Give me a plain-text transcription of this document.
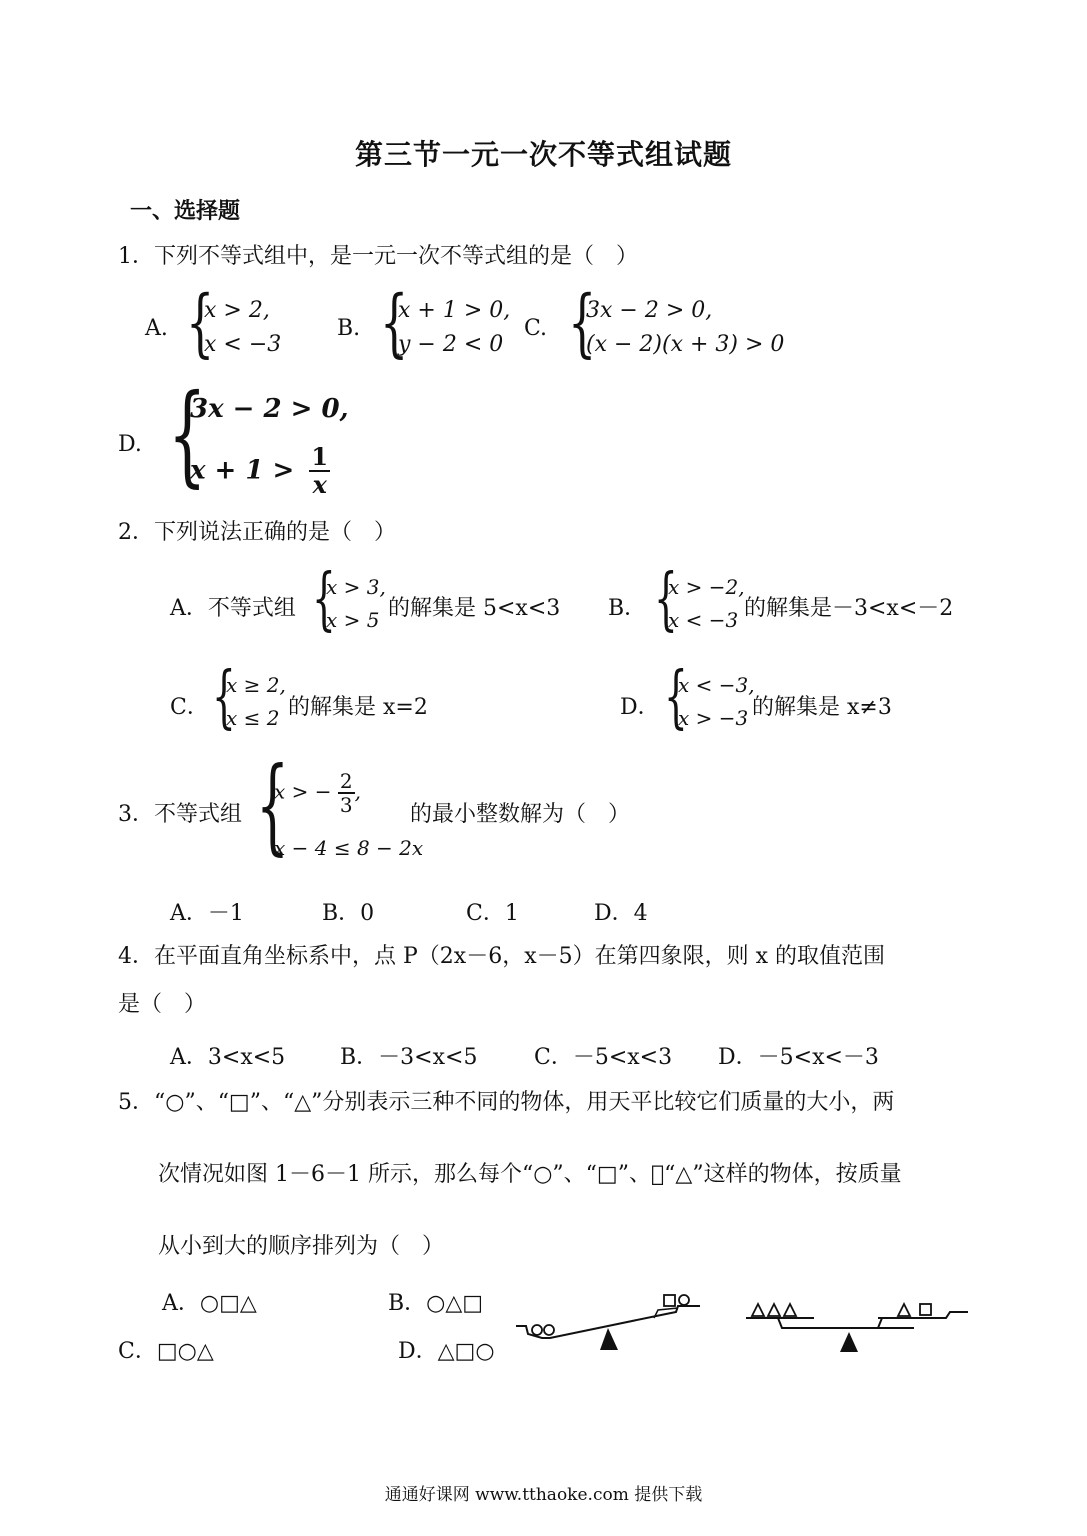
第三节一元一次不等式组试题
一、选择题
1．下列不等式组中，是一元一次不等式组的是（　）
A. {
x > 2,
x < −3
B. {
x + 1 > 0,
y − 2 < 0
C. {
3x − 2 > 0,
(x − 2)(x + 3) > 0
D. {
3x − 2 > 0,
$x + 1 > \frac{1}{x}$
2．下列说法正确的是（　）
A．不等式组 {
x > 3,
x > 5 的解集是 5<x<3 B． {
x > −2,
x < −3 的解集是－3<x<－2
C． {
x ≥ 2,
x ≤ 2 的解集是 x=2	D． {
x < −3,
x > −3 的解集是 x≠3
3．不等式组 {
x > − $\frac{2}{3}$ ,
x − 4 ≤ 8 − 2x
的最小整数解为（　）
A．－1	B．0	C．1	D．4
4．在平面直角坐标系中，点 P（2x－6，x－5）在第四象限，则 x 的取值范围
是（　）
A．3<x<5 B．－3<x<5	C．－5<x<3 D．－5<x<－3
5．“○”、“□”、“△”分别表示三种不同的物体，用天平比较它们质量的大小，两
次情况如图 1－6－1 所示，那么每个“○”、“□”、􀀀“△”这样的物体，按质量
从小到大的顺序排列为（　）
A．○□△	B．○△□
C．□○△	D．△□○
通通好课网 www.tthaoke.com 提供下载
